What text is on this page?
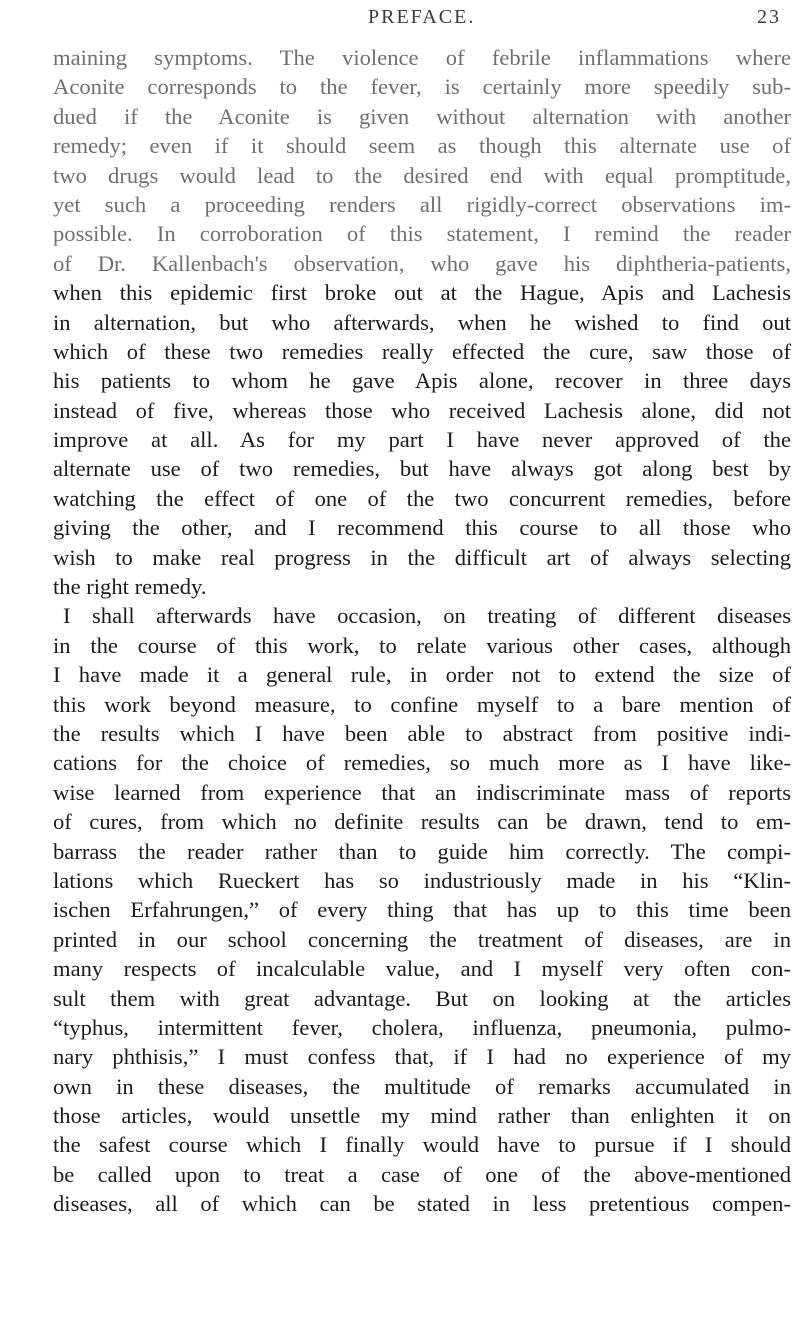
PREFACE.	23
maining symptoms. The violence of febrile inflammations where
Aconite corresponds to the fever, is certainly more speedily sub-
dued if the Aconite is given without alternation with another
remedy; even if it should seem as though this alternate use of
two drugs would lead to the desired end with equal promptitude,
yet such a proceeding renders all rigidly-correct observations im-
possible. In corroboration of this statement, I remind the reader
of Dr. Kallenbach's observation, who gave his diphtheria-patients,
when this epidemic first broke out at the Hague, Apis and Lachesis
in alternation, but who afterwards, when he wished to find out
which of these two remedies really effected the cure, saw those of
his patients to whom he gave Apis alone, recover in three days
instead of five, whereas those who received Lachesis alone, did not
improve at all. As for my part I have never approved of the
alternate use of two remedies, but have always got along best by
watching the effect of one of the two concurrent remedies, before
giving the other, and I recommend this course to all those who
wish to make real progress in the difficult art of always selecting
the right remedy.
I shall afterwards have occasion, on treating of different diseases
in the course of this work, to relate various other cases, although
I have made it a general rule, in order not to extend the size of
this work beyond measure, to confine myself to a bare mention of
the results which I have been able to abstract from positive indi-
cations for the choice of remedies, so much more as I have like-
wise learned from experience that an indiscriminate mass of reports
of cures, from which no definite results can be drawn, tend to em-
barrass the reader rather than to guide him correctly. The compi-
lations which Rueckert has so industriously made in his “Klin-
ischen Erfahrungen,” of every thing that has up to this time been
printed in our school concerning the treatment of diseases, are in
many respects of incalculable value, and I myself very often con-
sult them with great advantage. But on looking at the articles
“typhus, intermittent fever, cholera, influenza, pneumonia, pulmo-
nary phthisis,” I must confess that, if I had no experience of my
own in these diseases, the multitude of remarks accumulated in
those articles, would unsettle my mind rather than enlighten it on
the safest course which I finally would have to pursue if I should
be called upon to treat a case of one of the above-mentioned
diseases, all of which can be stated in less pretentious compen-
